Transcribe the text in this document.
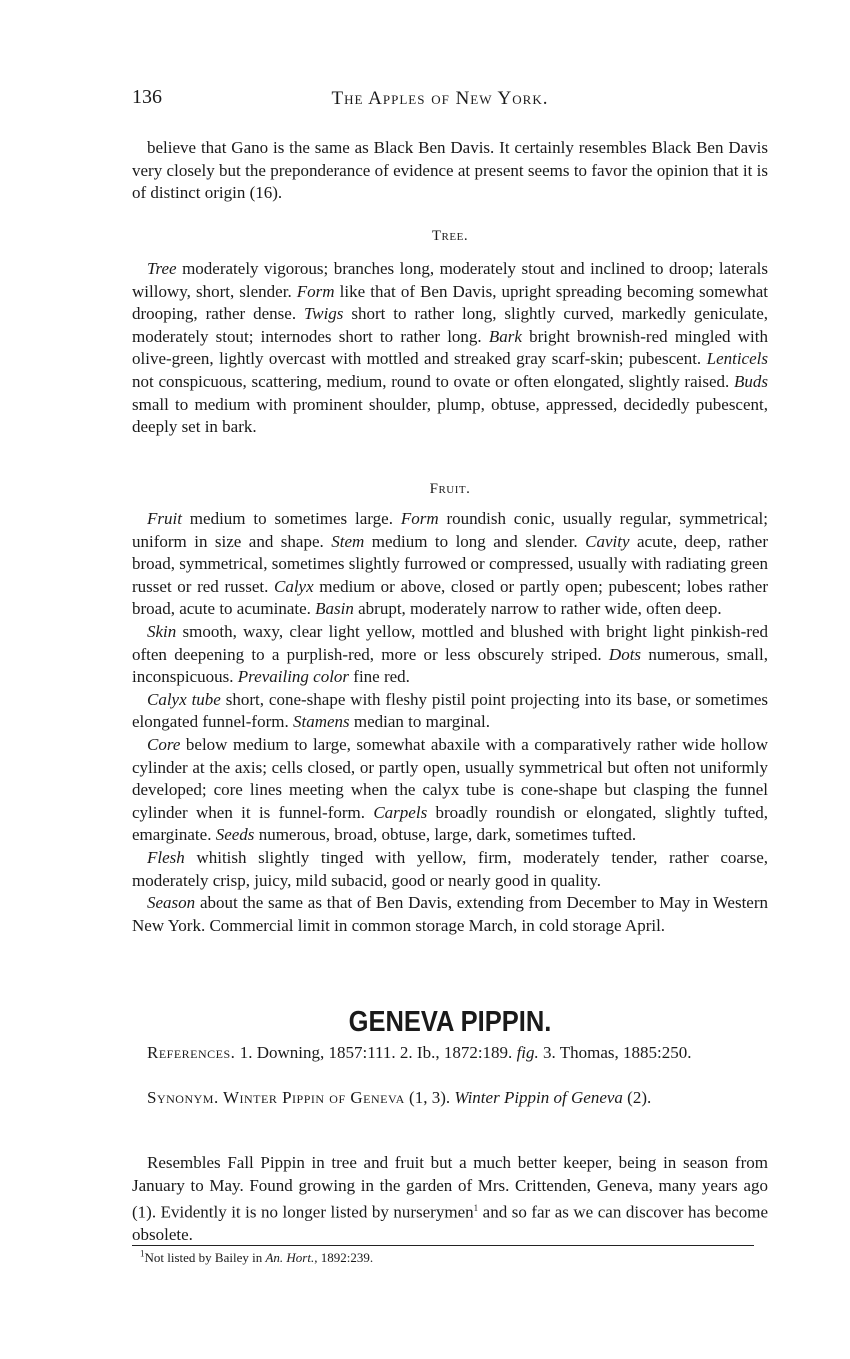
136	The Apples of New York.

believe that Gano is the same as Black Ben Davis. It certainly resembles Black Ben Davis very closely but the preponderance of evidence at present seems to favor the opinion that it is of distinct origin (16).

Tree.

Tree moderately vigorous; branches long, moderately stout and inclined to droop; laterals willowy, short, slender. Form like that of Ben Davis, upright spreading becoming somewhat drooping, rather dense. Twigs short to rather long, slightly curved, markedly geniculate, moderately stout; internodes short to rather long. Bark bright brownish-red mingled with olive-green, lightly overcast with mottled and streaked gray scarf-skin; pubescent. Lenticels not conspicuous, scattering, medium, round to ovate or often elongated, slightly raised. Buds small to medium with prominent shoulder, plump, obtuse, appressed, decidedly pubescent, deeply set in bark.

Fruit.

Fruit medium to sometimes large. Form roundish conic, usually regular, symmetrical; uniform in size and shape. Stem medium to long and slender. Cavity acute, deep, rather broad, symmetrical, sometimes slightly furrowed or compressed, usually with radiating green russet or red russet. Calyx medium or above, closed or partly open; pubescent; lobes rather broad, acute to acuminate. Basin abrupt, moderately narrow to rather wide, often deep.

Skin smooth, waxy, clear light yellow, mottled and blushed with bright light pinkish-red often deepening to a purplish-red, more or less obscurely striped. Dots numerous, small, inconspicuous. Prevailing color fine red.

Calyx tube short, cone-shape with fleshy pistil point projecting into its base, or sometimes elongated funnel-form. Stamens median to marginal.

Core below medium to large, somewhat abaxile with a comparatively rather wide hollow cylinder at the axis; cells closed, or partly open, usually symmetrical but often not uniformly developed; core lines meeting when the calyx tube is cone-shape but clasping the funnel cylinder when it is funnel-form. Carpels broadly roundish or elongated, slightly tufted, emarginate. Seeds numerous, broad, obtuse, large, dark, sometimes tufted.

Flesh whitish slightly tinged with yellow, firm, moderately tender, rather coarse, moderately crisp, juicy, mild subacid, good or nearly good in quality.

Season about the same as that of Ben Davis, extending from December to May in Western New York. Commercial limit in common storage March, in cold storage April.

GENEVA PIPPIN.

References. 1. Downing, 1857:111. 2. Ib., 1872:189. fig. 3. Thomas, 1885:250.

Synonym. Winter Pippin of Geneva (1, 3). Winter Pippin of Geneva (2).

Resembles Fall Pippin in tree and fruit but a much better keeper, being in season from January to May. Found growing in the garden of Mrs. Crittenden, Geneva, many years ago (1). Evidently it is no longer listed by nurserymen$^1$ and so far as we can discover has become obsolete.

$^1$Not listed by Bailey in An. Hort., 1892:239.
